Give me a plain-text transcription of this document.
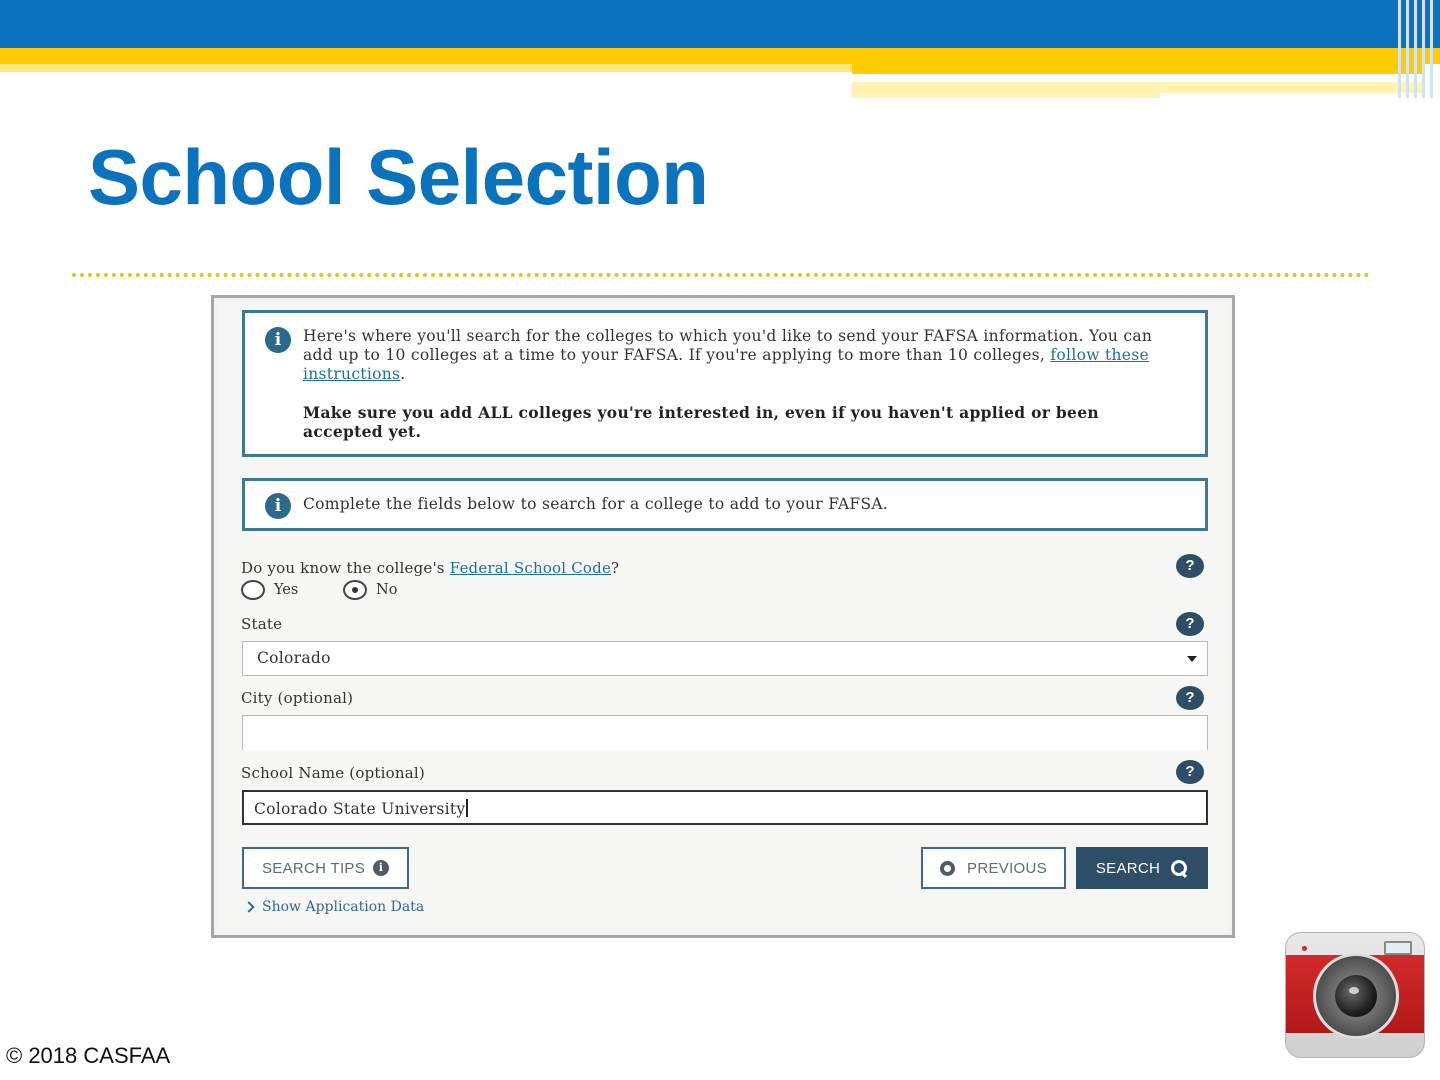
School Selection
i	Here's where you'll search for the colleges to which you'd like to send your FAFSA information. You can add up to 10 colleges at a time to your FAFSA. If you're applying to more than 10 colleges, follow these instructions.
Make sure you add ALL colleges you're interested in, even if you haven't applied or been accepted yet.
i	Complete the fields below to search for a college to add to your FAFSA.
Do you know the college's Federal School Code?	?
Yes	No
State	?
Colorado
City (optional)	?
School Name (optional)	?
Colorado State University
SEARCH TIPS	i	PREVIOUS	SEARCH
Show Application Data
© 2018 CASFAA
